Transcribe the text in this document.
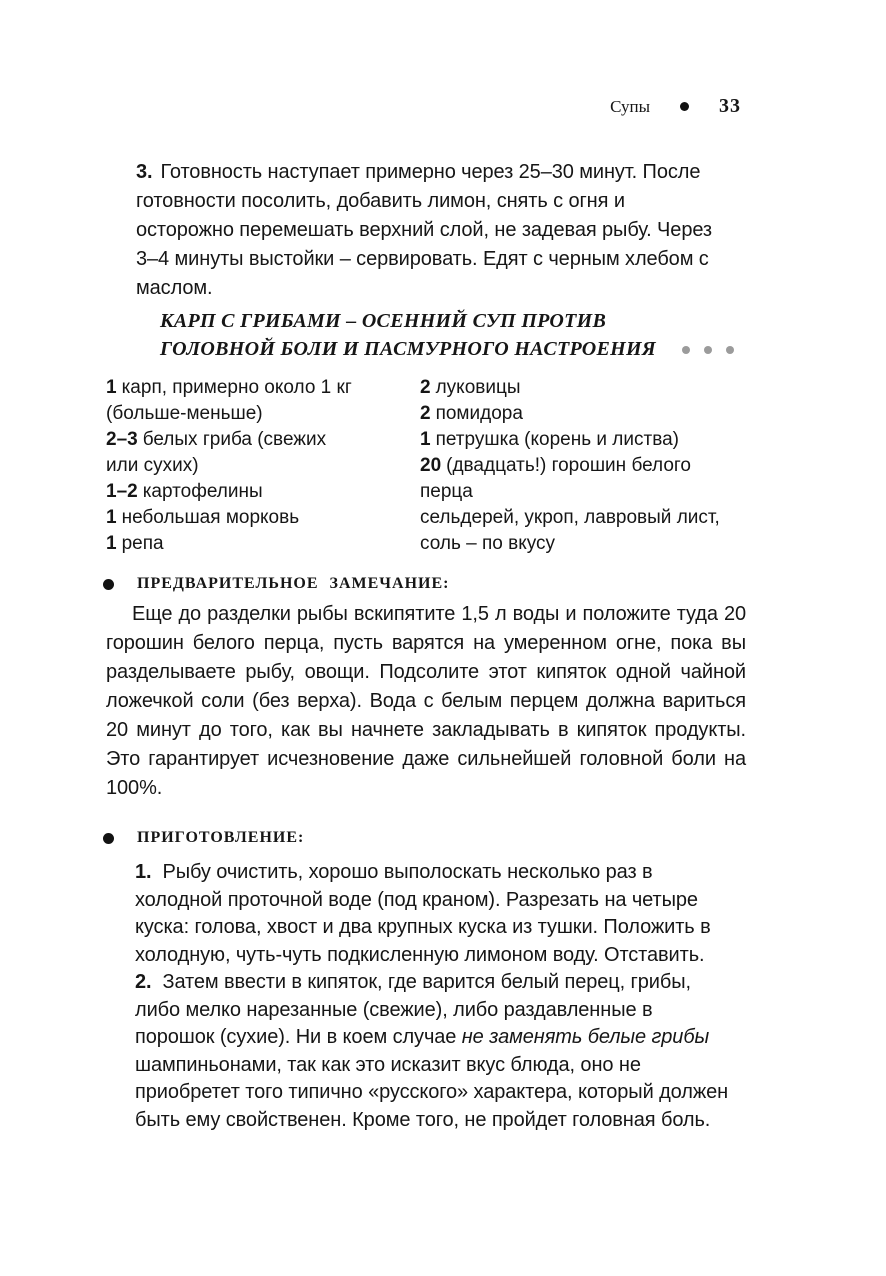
Супы	33

3. Готовность наступает примерно через 25–30 минут. После готовности посолить, добавить лимон, снять с огня и осторожно перемешать верхний слой, не задевая рыбу. Через 3–4 минуты выстойки – сервировать. Едят с черным хлебом с маслом.

КАРП С ГРИБАМИ – ОСЕННИЙ СУП ПРОТИВ
ГОЛОВНОЙ БОЛИ И ПАСМУРНОГО НАСТРОЕНИЯ
1 карп, примерно около 1 кг (больше-меньше)
2–3 белых гриба (свежих или сухих)
1–2 картофелины
1 небольшая морковь
1 репа
2 луковицы
2 помидора
1 петрушка (корень и листва)
20 (двадцать!) горошин белого перца
сельдерей, укроп, лавровый лист, соль – по вкусу
ПРЕДВАРИТЕЛЬНОЕ ЗАМЕЧАНИЕ:

Еще до разделки рыбы вскипятите 1,5 л воды и положите туда 20 горошин белого перца, пусть варятся на умеренном огне, пока вы разделываете рыбу, овощи. Подсолите этот кипяток одной чайной ложечкой соли (без верха). Вода с белым перцем должна вариться 20 минут до того, как вы начнете закладывать в кипяток продукты. Это гарантирует исчезновение даже сильнейшей головной боли на 100%.

ПРИГОТОВЛЕНИЕ:

1. Рыбу очистить, хорошо выполоскать несколько раз в холодной проточной воде (под краном). Разрезать на четыре куска: голова, хвост и два крупных куска из тушки. Положить в холодную, чуть-чуть подкисленную лимоном воду. Отставить.

2. Затем ввести в кипяток, где варится белый перец, грибы, либо мелко нарезанные (свежие), либо раздавленные в порошок (сухие). Ни в коем случае не заменять белые грибы шампиньонами, так как это исказит вкус блюда, оно не приобретет того типично «русского» характера, который должен быть ему свойственен. Кроме того, не пройдет головная боль.
